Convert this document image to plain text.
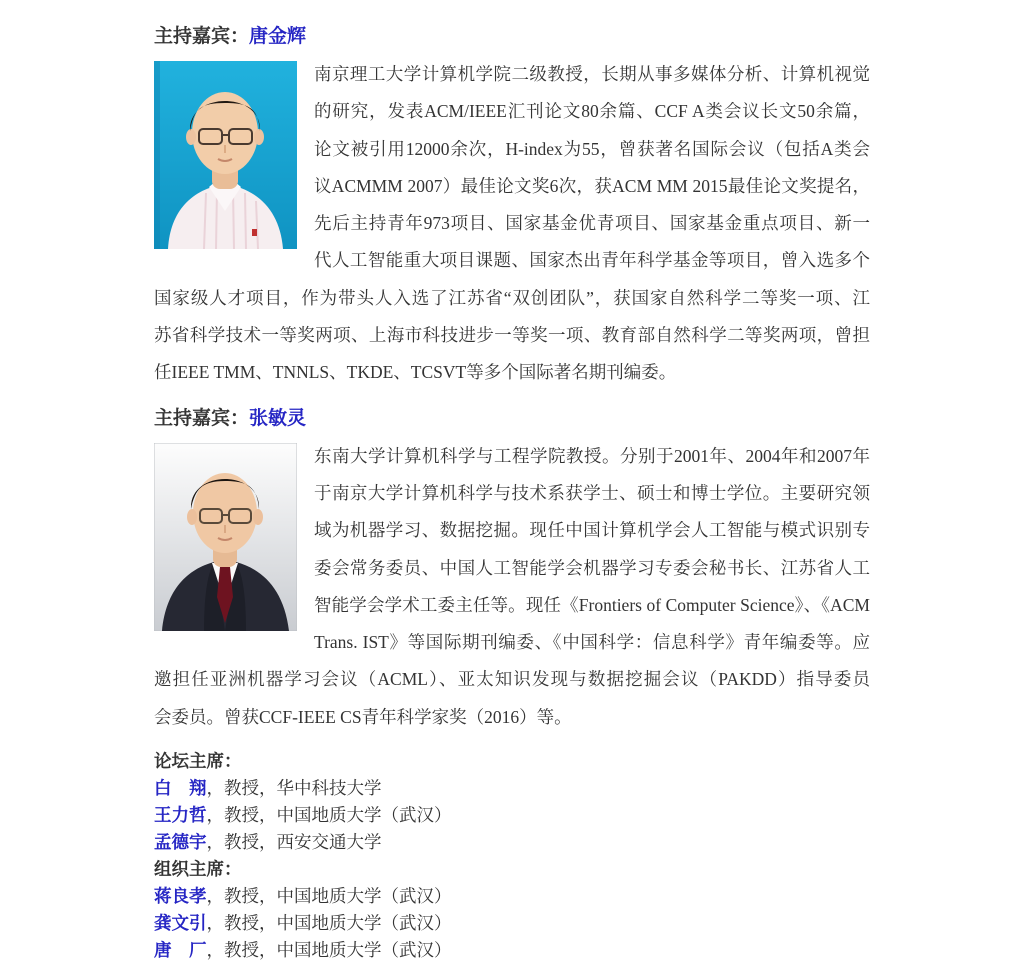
主持嘉宾：唐金辉
南京理工大学计算机学院二级教授，长期从事多媒体分析、计算机视觉
的研究，发表ACM/IEEE汇刊论文80余篇、CCF A类会议长文50余篇，
论文被引用12000余次，H-index为55，曾获著名国际会议（包括A类会
议ACMMM 2007）最佳论文奖6次，获ACM MM 2015最佳论文奖提名，
先后主持青年973项目、国家基金优青项目、国家基金重点项目、新一
代人工智能重大项目课题、国家杰出青年科学基金等项目，曾入选多个
国家级人才项目，作为带头人入选了江苏省“双创团队”，获国家自然科学二等奖一项、江
苏省科学技术一等奖两项、上海市科技进步一等奖一项、教育部自然科学二等奖两项，曾担
任IEEE TMM、TNNLS、TKDE、TCSVT等多个国际著名期刊编委。
主持嘉宾：张敏灵
东南大学计算机科学与工程学院教授。分别于2001年、2004年和2007年
于南京大学计算机科学与技术系获学士、硕士和博士学位。主要研究领
域为机器学习、数据挖掘。现任中国计算机学会人工智能与模式识别专
委会常务委员、中国人工智能学会机器学习专委会秘书长、江苏省人工
智能学会学术工委主任等。现任《Frontiers of Computer Science》、《ACM
Trans. IST》等国际期刊编委、《中国科学：信息科学》青年编委等。应
邀担任亚洲机器学习会议（ACML）、亚太知识发现与数据挖掘会议（PAKDD）指导委员
会委员。曾获CCF-IEEE CS青年科学家奖（2016）等。
论坛主席：
白　翔，教授，华中科技大学
王力哲，教授，中国地质大学（武汉）
孟德宇，教授，西安交通大学
组织主席：
蒋良孝，教授，中国地质大学（武汉）
龚文引，教授，中国地质大学（武汉）
唐　厂，教授，中国地质大学（武汉）
